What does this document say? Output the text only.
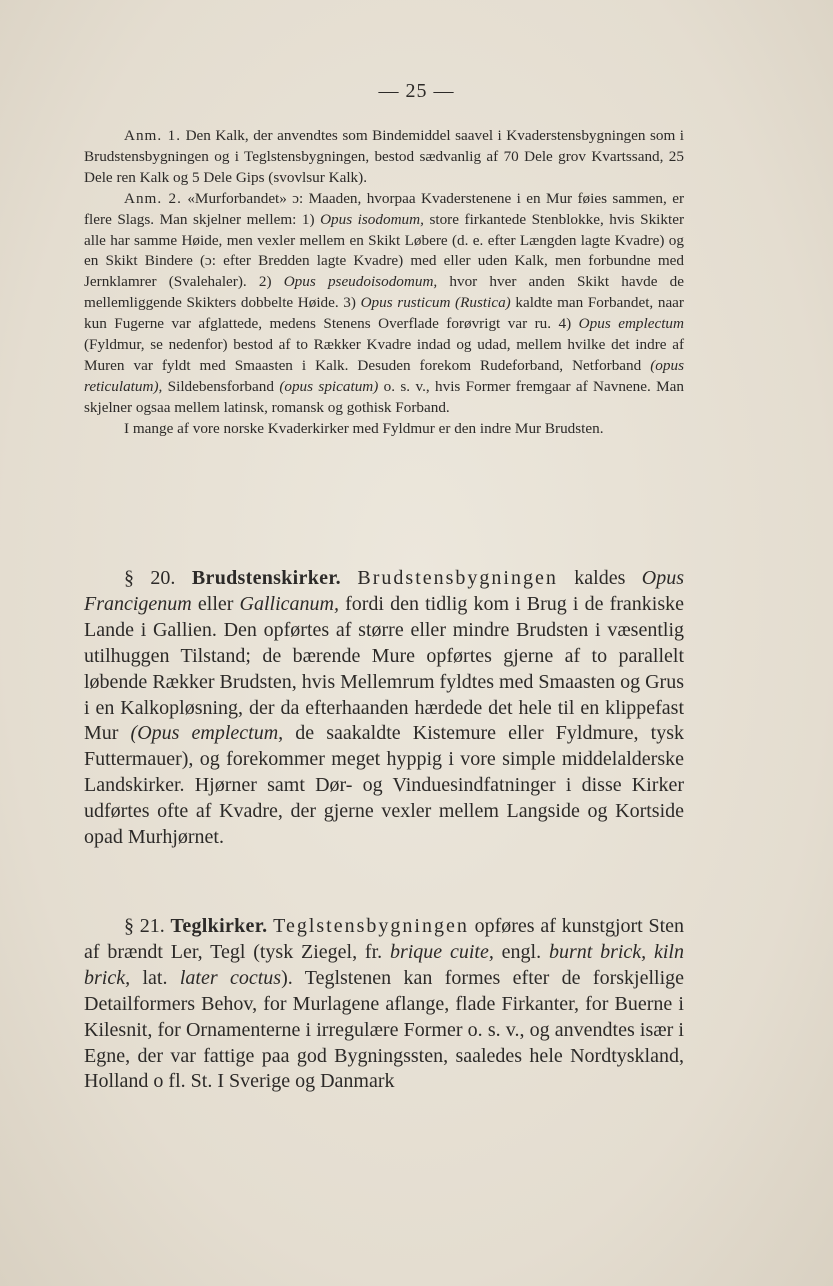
— 25 —

Anm. 1. Den Kalk, der anvendtes som Bindemiddel saavel i Kvaderstensbygningen som i Brudstensbygningen og i Teglstensbygningen, bestod sædvanlig af 70 Dele grov Kvartssand, 25 Dele ren Kalk og 5 Dele Gips (svovlsur Kalk).

Anm. 2. «Murforbandet» ɔ: Maaden, hvorpaa Kvaderstenene i en Mur føies sammen, er flere Slags. Man skjelner mellem: 1) Opus isodomum, store firkantede Stenblokke, hvis Skikter alle har samme Høide, men vexler mellem en Skikt Løbere (d. e. efter Længden lagte Kvadre) og en Skikt Bindere (ɔ: efter Bredden lagte Kvadre) med eller uden Kalk, men forbundne med Jernklamrer (Svalehaler). 2) Opus pseudoisodomum, hvor hver anden Skikt havde de mellemliggende Skikters dobbelte Høide. 3) Opus rusticum (Rustica) kaldte man Forbandet, naar kun Fugerne var afglattede, medens Stenens Overflade forøvrigt var ru. 4) Opus emplectum (Fyldmur, se nedenfor) bestod af to Rækker Kvadre indad og udad, mellem hvilke det indre af Muren var fyldt med Smaasten i Kalk. Desuden forekom Rudeforband, Netforband (opus reticulatum), Sildebensforband (opus spicatum) o. s. v., hvis Former fremgaar af Navnene. Man skjelner ogsaa mellem latinsk, romansk og gothisk Forband.

I mange af vore norske Kvaderkirker med Fyldmur er den indre Mur Brudsten.

§ 20. Brudstenskirker. Brudstensbygningen kaldes Opus Francigenum eller Gallicanum, fordi den tidlig kom i Brug i de frankiske Lande i Gallien. Den opførtes af større eller mindre Brudsten i væsentlig utilhuggen Tilstand; de bærende Mure opførtes gjerne af to parallelt løbende Rækker Brudsten, hvis Mellemrum fyldtes med Smaasten og Grus i en Kalkopløsning, der da efterhaanden hærdede det hele til en klippefast Mur (Opus emplectum, de saakaldte Kistemure eller Fyldmure, tysk Futtermauer), og forekommer meget hyppig i vore simple middelalderske Landskirker. Hjørner samt Dør- og Vinduesindfatninger i disse Kirker udførtes ofte af Kvadre, der gjerne vexler mellem Langside og Kortside opad Murhjørnet.

§ 21. Teglkirker. Teglstensbygningen opføres af kunstgjort Sten af brændt Ler, Tegl (tysk Ziegel, fr. brique cuite, engl. burnt brick, kiln brick, lat. later coctus). Teglstenen kan formes efter de forskjellige Detailformers Behov, for Murlagene aflange, flade Firkanter, for Buerne i Kilesnit, for Ornamenterne i irregulære Former o. s. v., og anvendtes især i Egne, der var fattige paa god Bygningssten, saaledes hele Nordtyskland, Holland o fl. St. I Sverige og Danmark
